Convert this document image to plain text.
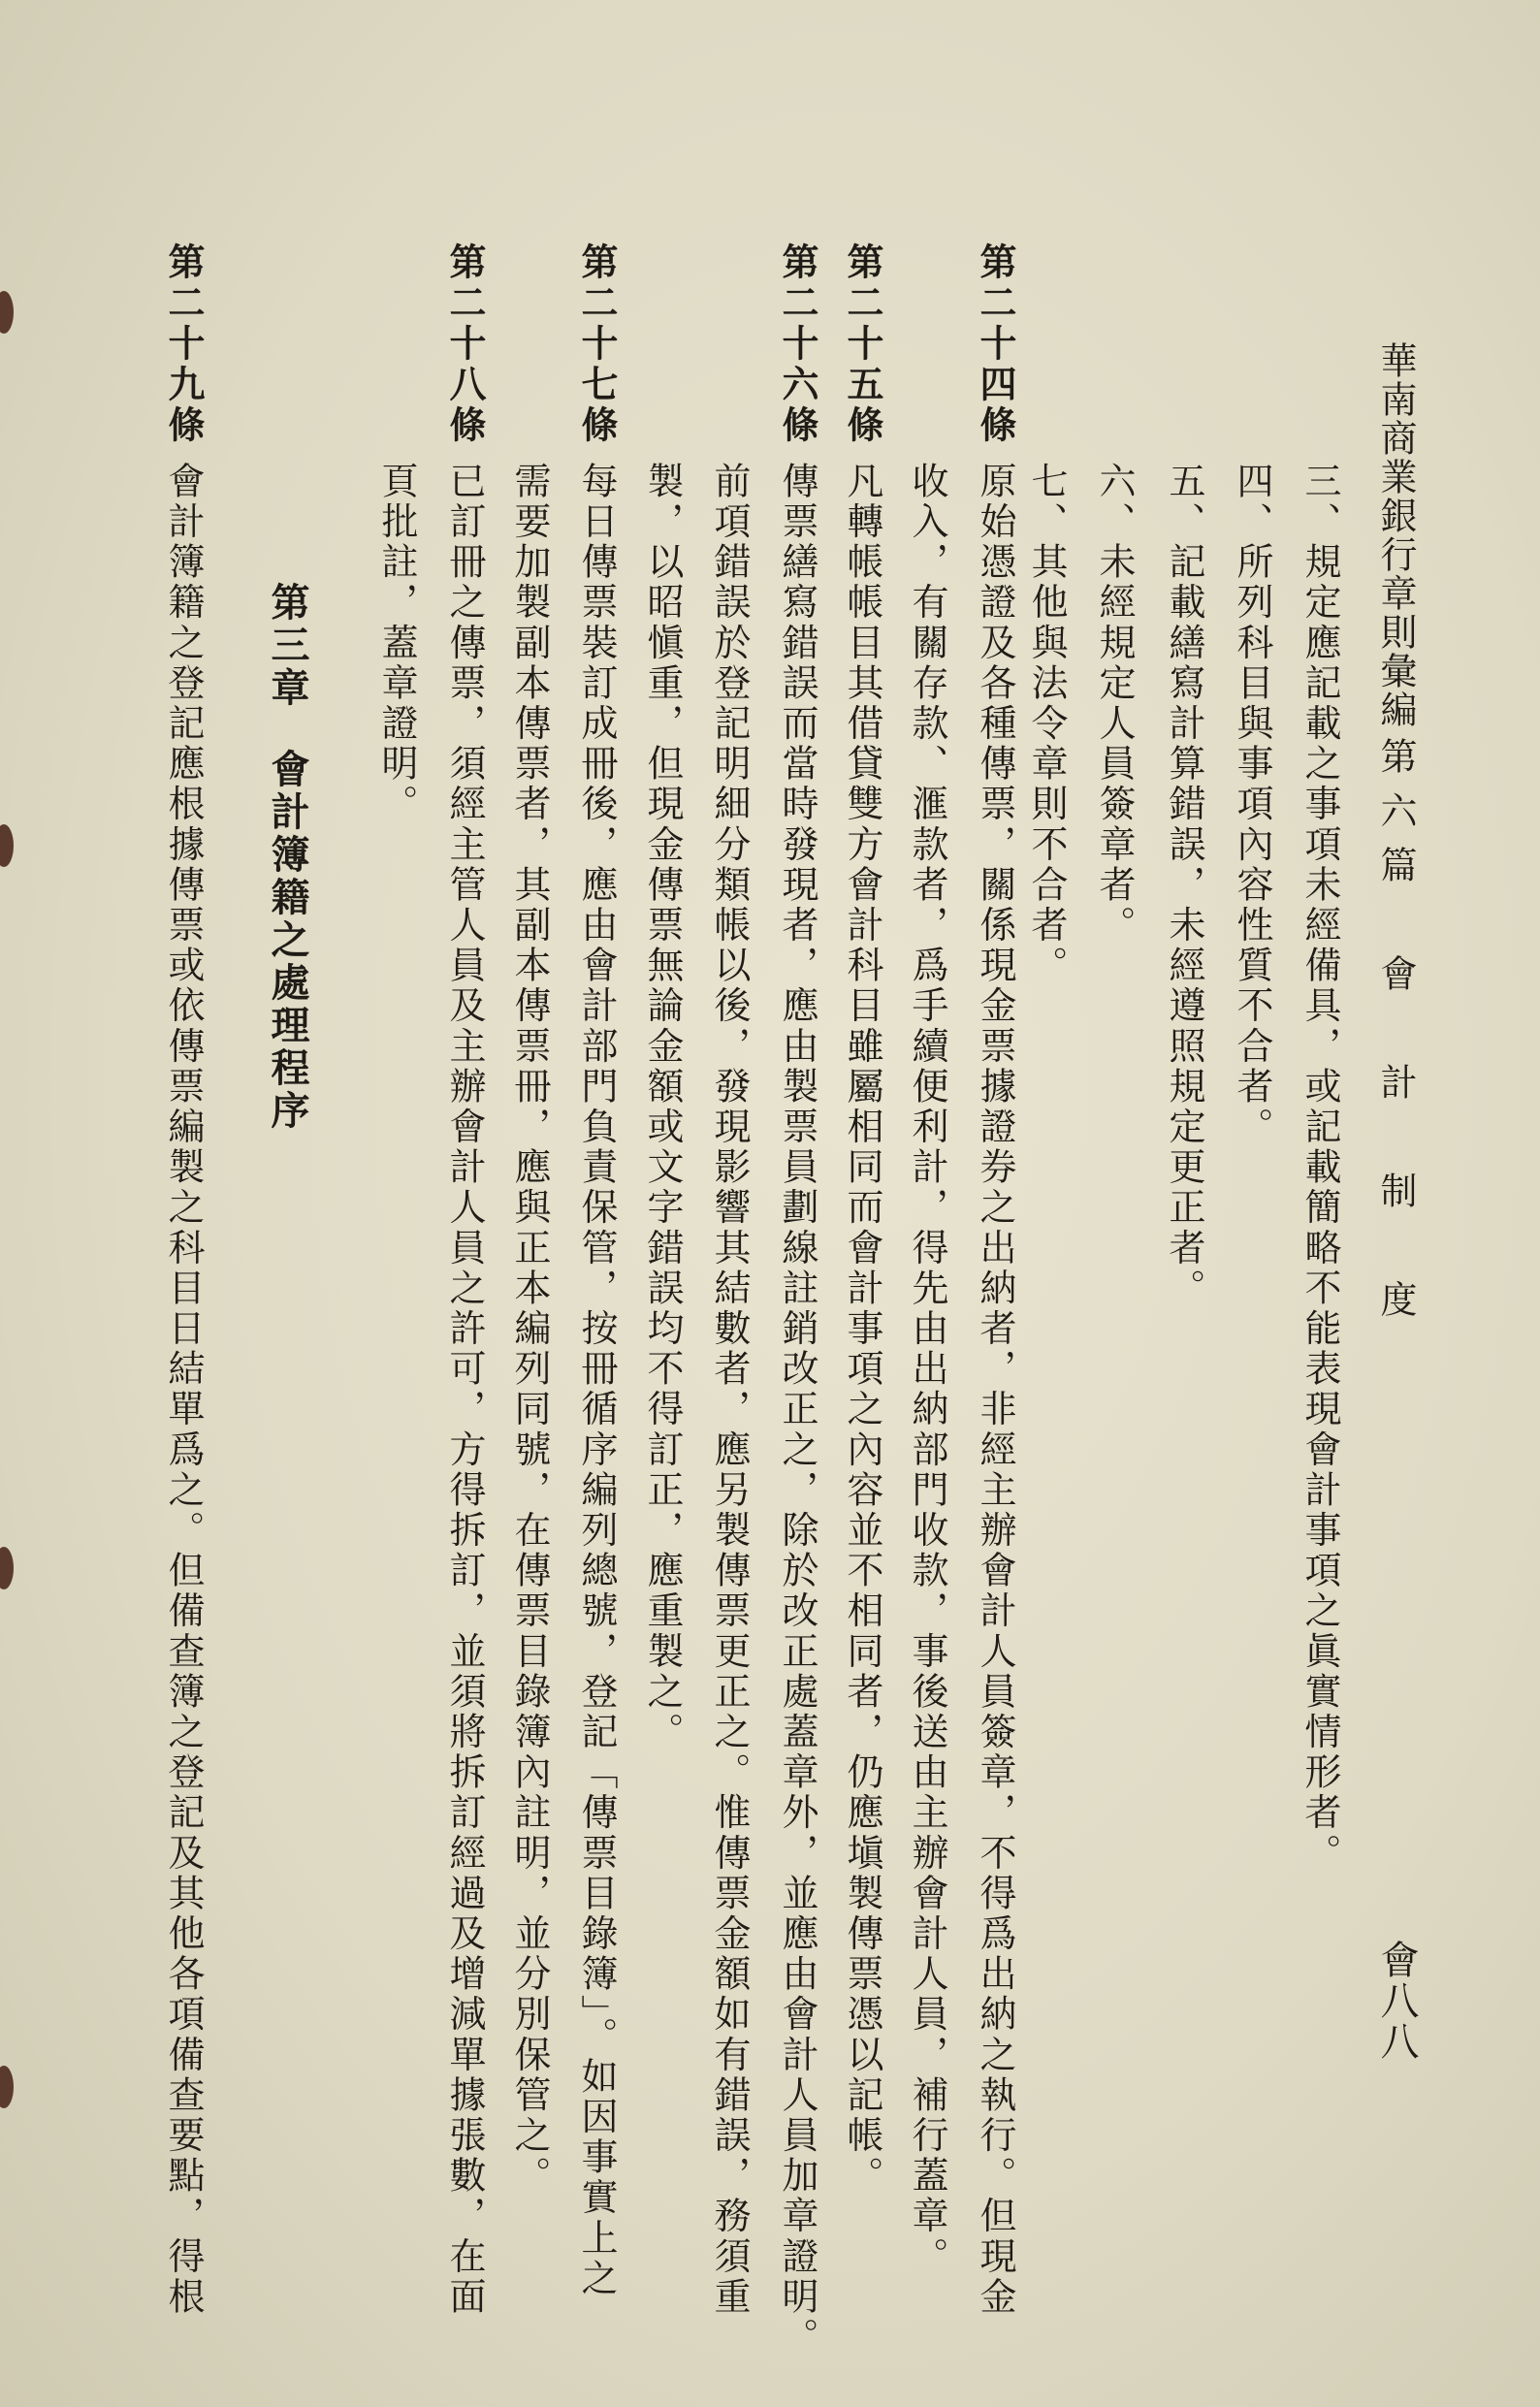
華南商業銀行章則彙編
第六篇　會　計　制　度
會八八
三、規定應記載之事項未經備具，或記載簡略不能表現會計事項之眞實情形者。
四、所列科目與事項內容性質不合者。
五、記載繕寫計算錯誤，未經遵照規定更正者。
六、未經規定人員簽章者。
七、其他與法令章則不合者。
第二十四條
原始憑證及各種傳票，關係現金票據證券之出納者，非經主辦會計人員簽章，不得爲出納之執行。但現金
收入，有關存款、滙款者，爲手續便利計，得先由出納部門收款，事後送由主辦會計人員，補行蓋章。
第二十五條
凡轉帳帳目其借貸雙方會計科目雖屬相同而會計事項之內容並不相同者，仍應塡製傳票憑以記帳。
第二十六條
傳票繕寫錯誤而當時發現者，應由製票員劃線註銷改正之，除於改正處蓋章外，並應由會計人員加章證明。
前項錯誤於登記明細分類帳以後，發現影響其結數者，應另製傳票更正之。惟傳票金額如有錯誤，務須重
製，以昭愼重，但現金傳票無論金額或文字錯誤均不得訂正，應重製之。
第二十七條
每日傳票裝訂成冊後，應由會計部門負責保管，按冊循序編列總號，登記「傳票目錄簿」。如因事實上之
需要加製副本傳票者，其副本傳票冊，應與正本編列同號，在傳票目錄簿內註明，並分別保管之。
第二十八條
已訂冊之傳票，須經主管人員及主辦會計人員之許可，方得拆訂，並須將拆訂經過及增減單據張數，在面
頁批註，蓋章證明。
第三章會計簿籍之處理程序
第二十九條
會計簿籍之登記應根據傳票或依傳票編製之科目日結單爲之。但備查簿之登記及其他各項備查要點，得根
